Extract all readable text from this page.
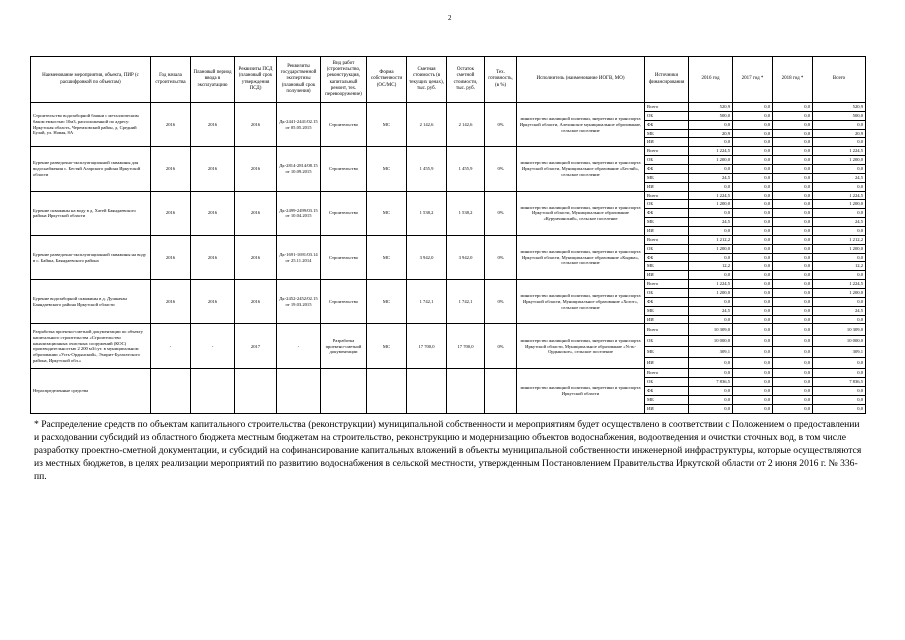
2
Наименование мероприятия, объекта, ПИР (с расшифровкой по объектам)	Год начала строительства	Плановый период ввода в эксплуатацию	Реквизиты ПСД (плановый срок утверждения ПСД)	Реквизиты государственной экспертизы (плановый срок получения)	Вид работ (строительство, реконструкция, капитальный ремонт, тех. перевооружение)	Форма собственности (ОС/МС)	Сметная стоимость (в текущих ценах), тыс. руб.	Остаток сметной стоимости, тыс. руб.	Тех. готовность, (в %)	Исполнитель (наименование ИОГВ, МО)	Источники финансирования	2016 год	2017 год *	2018 год *	Всего
Строительство водозаборной башни с металлическим баком емкостью 10м3, расположенной по адресу: Иркутская область, Черемховский район, д. Средний Булай, ул. Новая, 8А	2016	2016	2016	Дк-2441-2441/02.15 от 05.05.2015	Строительство	МС	2 142,6	2 142,6	0%	министерство жилищной политики, энергетики и транспорта Иркутской области, Алехинское муниципальное образование, сельское поселение	Всего	520,9	0,0	0,0	520,9
											ОБ	500,0	0,0	0,0	500,0
											ФБ	0,0	0,0	0,0	0,0
											МБ	20,9	0,0	0,0	20,9
											ИИ	0,0	0,0	0,0	0,0
Бурение разведочно-эксплуатационной скважины для водоснабжения с. Бестяй Аларского района Иркутской области	2016	2016	2016	Дк-2814-2814/08.15 от 10.09.2015	Строительство	МС	1 455,9	1 455,9	0%	министерство жилищной политики, энергетики и транспорта Иркутской области, Муниципальное образование «Бестяй», сельское поселение	Всего	1 224,5	0,0	0,0	1 224,5
											ОБ	1 200,0	0,0	0,0	1 200,0
											ФБ	0,0	0,0	0,0	0,0
											МБ	24,5	0,0	0,0	24,5
											ИИ	0,0	0,0	0,0	0,0
Бурение скважины на воду в д. Хатей Баяндаевского района Иркутской области	2016	2016	2016	Дк-2499-2499/03.15 от 10.04.2015	Строительство	МС	1 538,2	1 538,2	0%	министерство жилищной политики, энергетики и транспорта Иркутской области, Муниципальное образование «Курумчинский», сельское поселение	Всего	1 224,5	0,0	0,0	1 224,5
											ОБ	1 200,0	0,0	0,0	1 200,0
											ФБ	0,0	0,0	0,0	0,0
											МБ	24,5	0,0	0,0	24,5
											ИИ	0,0	0,0	0,0	0,0
Бурение разведочно-эксплуатационной скважины на воду в с. Байша, Баяндаевского района	2016	2016	2016	Дк-1691-1691/03.14 от 25.11.2014	Строительство	МС	3 942,0	3 942,0	0%	министерство жилищной политики, энергетики и транспорта Иркутской области, Муниципальное образование «Кырма», сельское поселение	Всего	1 212,2	0,0	0,0	1 212,2
											ОБ	1 200,0	0,0	0,0	1 200,0
											ФБ	0,0	0,0	0,0	0,0
											МБ	12,2	0,0	0,0	12,2
											ИИ	0,0	0,0	0,0	0,0
Бурение водозаборной скважины в д. Душкачан Баяндаевского района Иркутской области	2016	2016	2016	Дк-2452-2452/02.15 от 19.03.2015	Строительство	МС	1 742,1	1 742,1	0%	министерство жилищной политики, энергетики и транспорта Иркутской области, Муниципальное образование «Хогот», сельское поселение	Всего	1 224,5	0,0	0,0	1 224,5
											ОБ	1 200,0	0,0	0,0	1 200,0
											ФБ	0,0	0,0	0,0	0,0
											МБ	24,5	0,0	0,0	24,5
											ИИ	0,0	0,0	0,0	0,0
Разработка проектно-сметной документации по объекту капитального строительства «Строительство канализационных очистных сооружений (КОС) производительностью 2 200 м3/сут. в муниципальном образовании «Усть-Ордынский», Эхирит-Булагатского района, Иркутской обл.»	-	-	2017	-	Разработка проектно-сметной документации	МС	17 700,0	17 700,0	0%	министерство жилищной политики, энергетики и транспорта Иркутской области, Муниципальное образование «Усть-Ордынское», сельское поселение	Всего	10 309,0	0,0	0,0	10 309,0
											ОБ	10 000,0	0,0	0,0	10 000,0
											МБ	309,1	0,0	0,0	309,1
											ИИ	0,0	0,0	0,0	0,0
Нераспределенные средства										министерство жилищной политики, энергетики и транспорта Иркутской области	Всего	0,0	0,0	0,0	0,0
											ОБ	7 836,5	0,0	0,0	7 836,5
											ФБ	0,0	0,0	0,0	0,0
											МБ	0,0	0,0	0,0	0,0
											ИИ	0,0	0,0	0,0	0,0
* Распределение средств по объектам капитального строительства (реконструкции) муниципальной собственности и мероприятиям будет осуществлено в соответствии с Положением о предоставлении и расходовании субсидий из областного бюджета местным бюджетам на строительство, реконструкцию и модернизацию объектов водоснабжения, водоотведения и очистки сточных вод, в том числе разработку проектно-сметной документации, и субсидий на софинансирование капитальных вложений в объекты муниципальной собственности инженерной инфраструктуры, которые осуществляются из местных бюджетов, в целях реализации мероприятий по развитию водоснабжения в сельской местности, утвержденным Постановлением Правительства Иркутской области от 2 июня 2016 г. № 336-пп.
